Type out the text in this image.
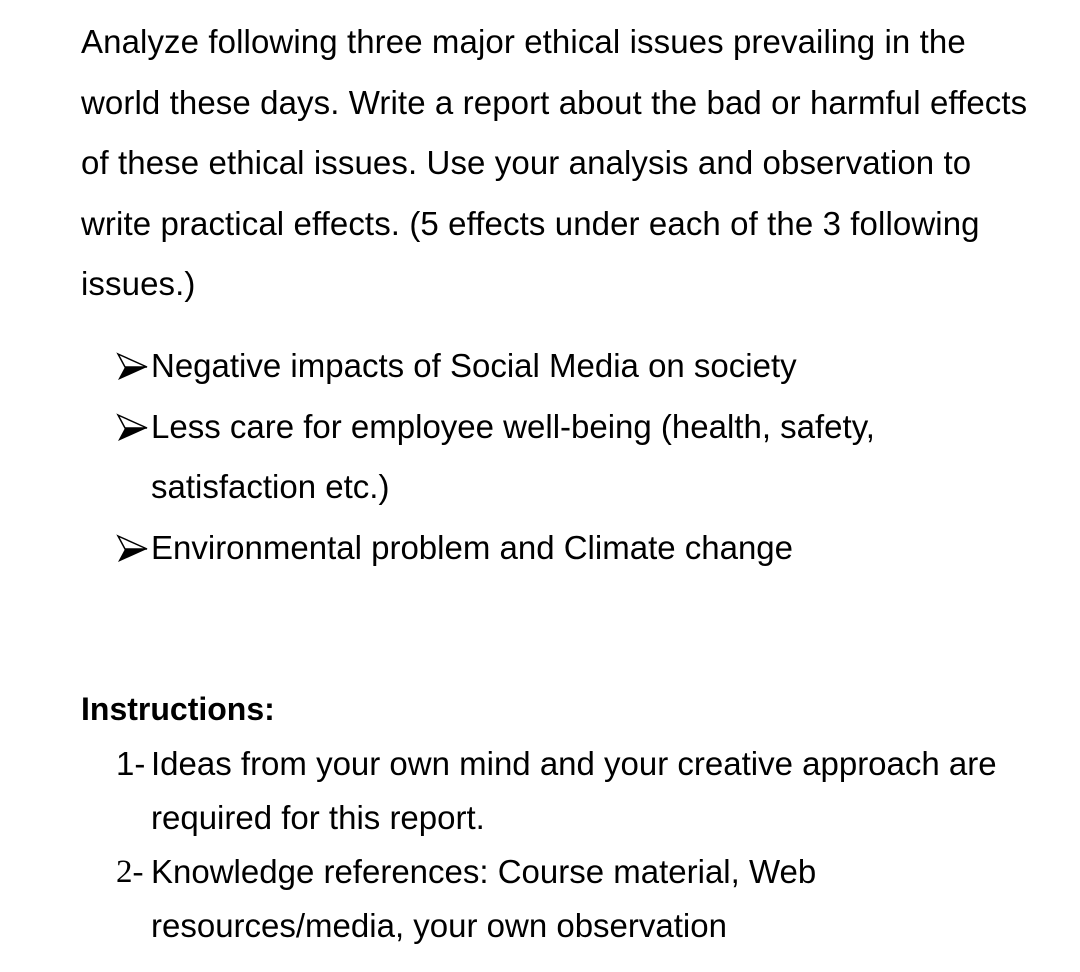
Analyze following three major ethical issues prevailing in the world these days. Write a report about the bad or harmful effects of these ethical issues. Use your analysis and observation to write practical effects. (5 effects under each of the 3 following issues.)

Negative impacts of Social Media on society
Less care for employee well-being (health, safety, satisfaction etc.)
Environmental problem and Climate change
Instructions:
1- Ideas from your own mind and your creative approach are required for this report.
2- Knowledge references: Course material, Web resources/media, your own observation
